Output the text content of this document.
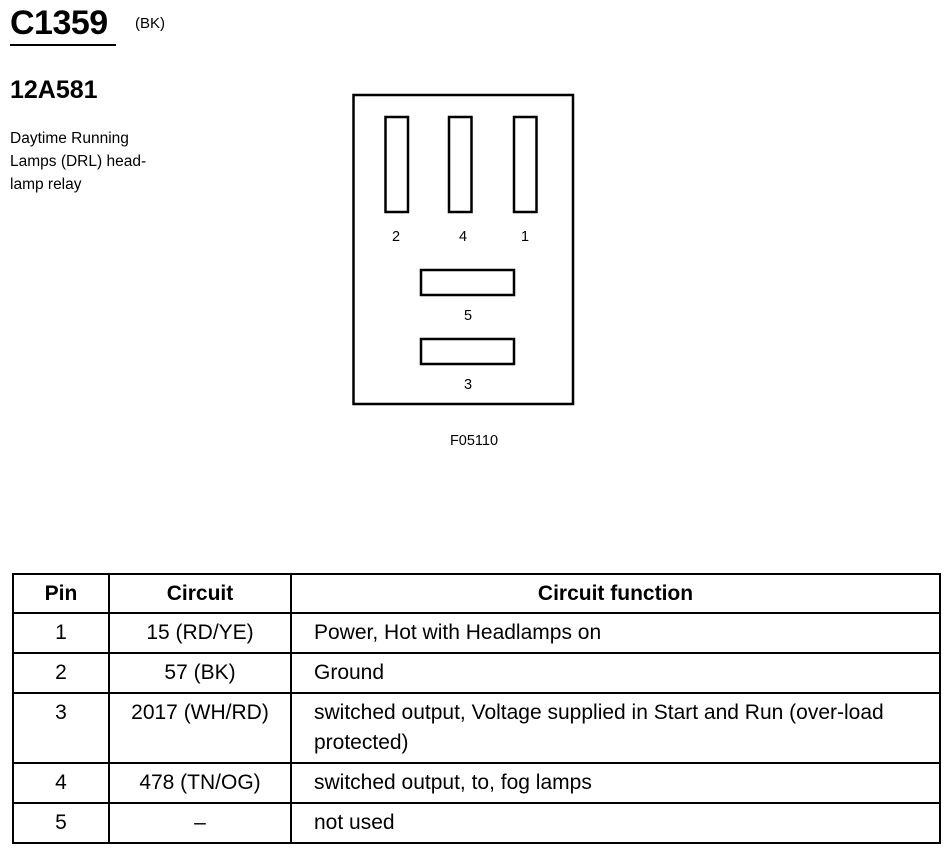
C1359 (BK)
12A581
Daytime Running
Lamps (DRL) head-
lamp relay
2	4	1
5
3
F05110
Pin	Circuit	Circuit function
1	15 (RD/YE)	Power, Hot with Headlamps on
2	57 (BK)	Ground
3	2017 (WH/RD)	switched output, Voltage supplied in Start and Run (over-load protected)
4	478 (TN/OG)	switched output, to, fog lamps
5	–	not used
